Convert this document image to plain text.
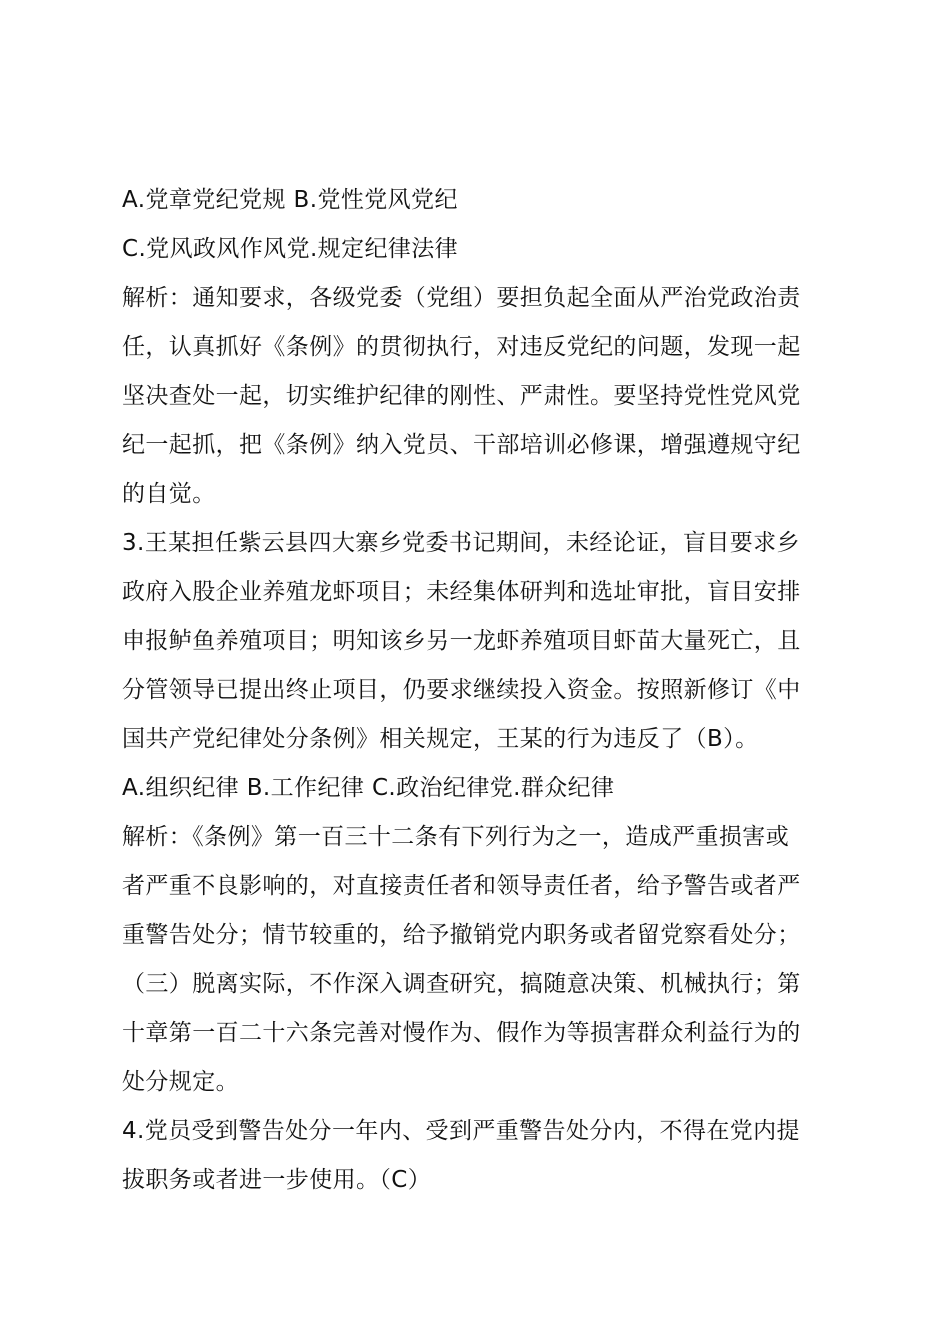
A.党章党纪党规 B.党性党风党纪
C.党风政风作风党.规定纪律法律
解析：通知要求，各级党委（党组）要担负起全面从严治党政治责
任，认真抓好《条例》的贯彻执行，对违反党纪的问题，发现一起
坚决查处一起，切实维护纪律的刚性、严肃性。要坚持党性党风党
纪一起抓，把《条例》纳入党员、干部培训必修课，增强遵规守纪
的自觉。
3.王某担任紫云县四大寨乡党委书记期间，未经论证，盲目要求乡
政府入股企业养殖龙虾项目；未经集体研判和选址审批，盲目安排
申报鲈鱼养殖项目；明知该乡另一龙虾养殖项目虾苗大量死亡，且
分管领导已提出终止项目，仍要求继续投入资金。按照新修订《中
国共产党纪律处分条例》相关规定，王某的行为违反了（B）。
A.组织纪律 B.工作纪律 C.政治纪律党.群众纪律
解析：《条例》第一百三十二条有下列行为之一，造成严重损害或
者严重不良影响的，对直接责任者和领导责任者，给予警告或者严
重警告处分；情节较重的，给予撤销党内职务或者留党察看处分；
（三）脱离实际，不作深入调查研究，搞随意决策、机械执行；第
十章第一百二十六条完善对慢作为、假作为等损害群众利益行为的
处分规定。
4.党员受到警告处分一年内、受到严重警告处分内，不得在党内提
拔职务或者进一步使用。（C）
